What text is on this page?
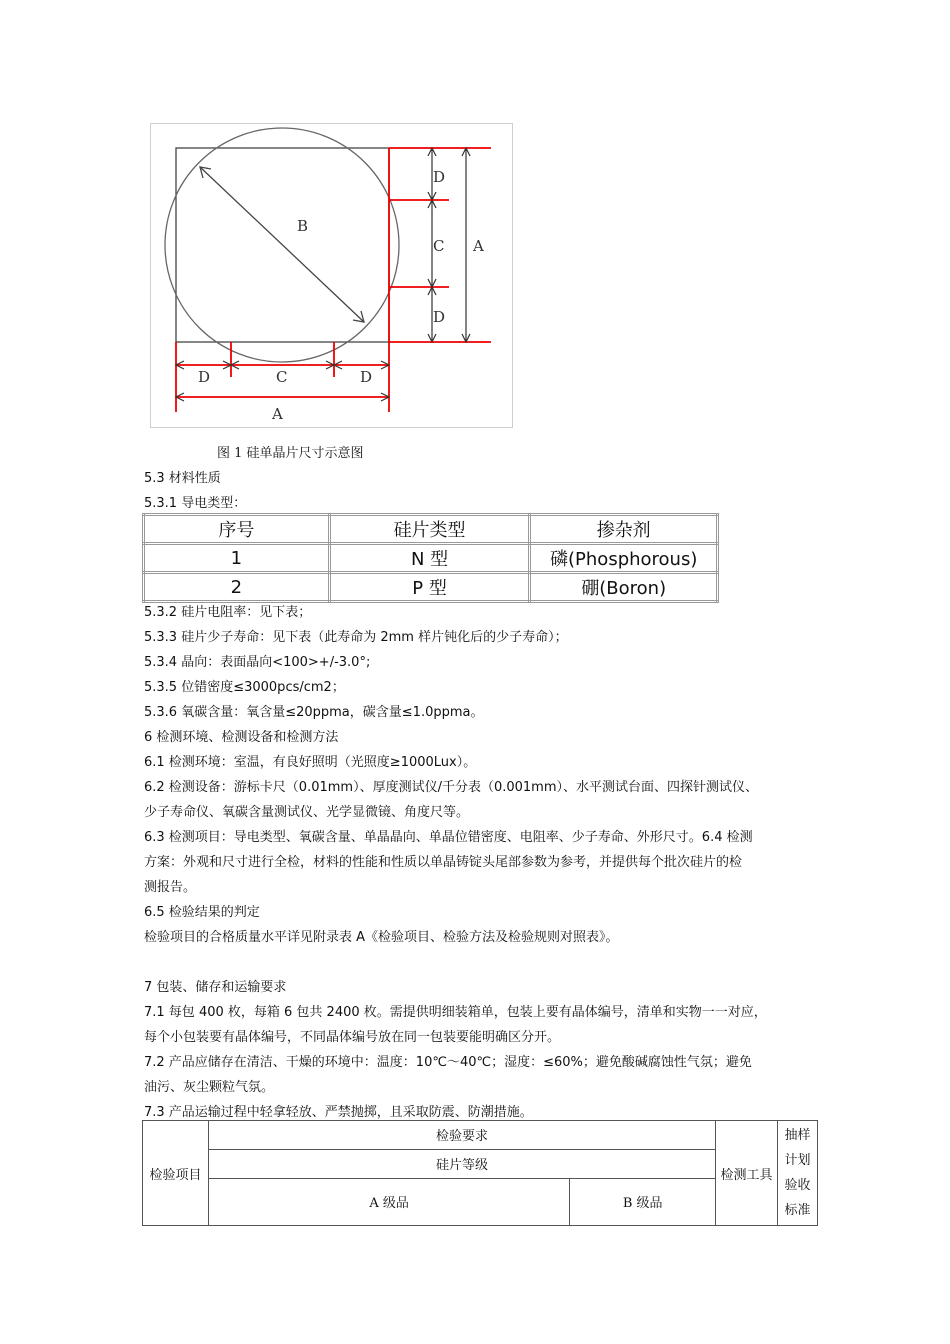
B
D
C
D
A
D	C	D
A
图 1 硅单晶片尺寸示意图
5.3 材料性质
5.3.1 导电类型：
序号	硅片类型	掺杂剂
1	N 型	磷(Phosphorous)
2	P 型	硼(Boron)
5.3.2 硅片电阻率：见下表；
5.3.3 硅片少子寿命：见下表（此寿命为 2mm 样片钝化后的少子寿命）；
5.3.4 晶向：表面晶向<100>+/-3.0°;
5.3.5 位错密度≤3000pcs/cm2；
5.3.6 氧碳含量：氧含量≤20ppma，碳含量≤1.0ppma。
6 检测环境、检测设备和检测方法
6.1 检测环境：室温，有良好照明（光照度≥1000Lux）。
6.2 检测设备：游标卡尺（0.01mm）、厚度测试仪/千分表（0.001mm）、水平测试台面、四探针测试仪、
少子寿命仪、氧碳含量测试仪、光学显微镜、角度尺等。
6.3 检测项目：导电类型、氧碳含量、单晶晶向、单晶位错密度、电阻率、少子寿命、外形尺寸。6.4 检测
方案：外观和尺寸进行全检，材料的性能和性质以单晶铸锭头尾部参数为参考，并提供每个批次硅片的检
测报告。
6.5 检验结果的判定
检验项目的合格质量水平详见附录表 A《检验项目、检验方法及检验规则对照表》。
7 包装、储存和运输要求
7.1 每包 400 枚，每箱 6 包共 2400 枚。需提供明细装箱单，包装上要有晶体编号，清单和实物一一对应，
每个小包装要有晶体编号，不同晶体编号放在同一包装要能明确区分开。
7.2 产品应储存在清洁、干燥的环境中：温度：10℃～40℃；湿度：≤60%；避免酸碱腐蚀性气氛；避免
油污、灰尘颗粒气氛。
7.3 产品运输过程中轻拿轻放、严禁抛掷，且采取防震、防潮措施。
检验项目	检验要求		检测工具	抽样计划验收标准
	硅片等级			
	A 级品	B 级品		
